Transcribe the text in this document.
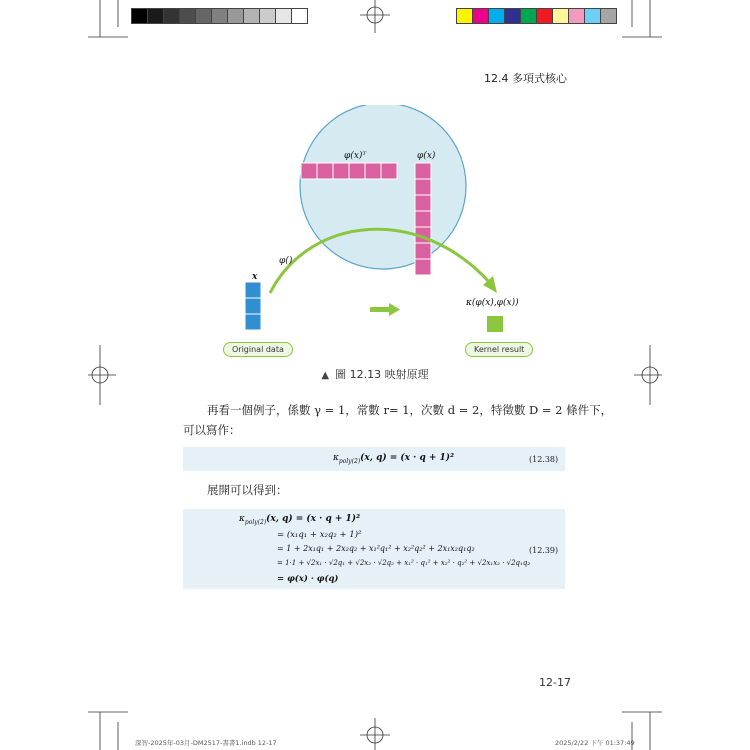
12.4 多項式核心
φ(x)ᵀ	φ(x)
φ()
x
κ(φ(x),φ(x))
Original data	Kernel result
▲ 圖 12.13 映射原理
再看一個例子，係數 γ = 1，常數 r= 1，次數 d = 2，特徵數 D = 2 條件下，
可以寫作：
$\kappa_{poly(2)}(x$, q) = (x · q + 1)²	(12.38)
展開可以得到：
$\kappa_{poly(2)}(x$, q) = (x · q + 1)²
= (x₁q₁ + x₂q₂ + 1)²
= 1 + 2x₁q₁ + 2x₂q₂ + x₁²q₁² + x₂²q₂² + 2x₁x₂q₁q₂
= 1·1 + √2x₁ · √2q₁ + √2x₂ · √2q₂ + x₁² · q₁² + x₂² · q₂² + √2x₁x₂ · √2q₁q₂
= φ(x) · φ(q)
(12.39)
12-17
深智-2025年-03月-DM2517-書書1.indb 12-17	2025/2/22 下午 01:37:49
